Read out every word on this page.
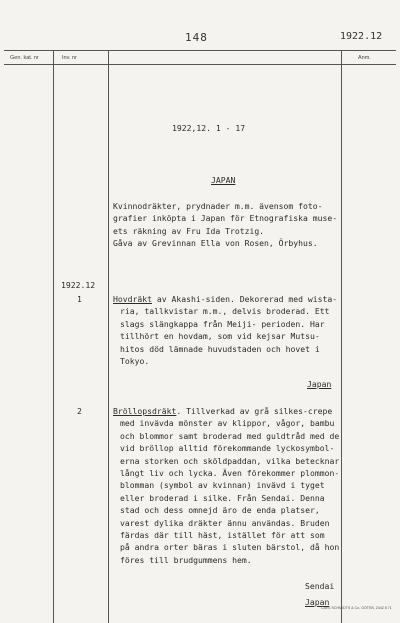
148	1922.12
Gen. kat. nr	Inv. nr	Anm.
1922,12. 1 - 17
JAPAN
Kvinnodräkter, prydnader m.m. ävensom foto-
grafier inköpta i Japan för Etnografiska muse-
ets räkning av Fru Ida Trotzig.
Gåva av Grevinnan Ella von Rosen, Örbyhus.
1922.12
1	Hovdräkt av Akashi-siden. Dekorerad med wista-
ria, tallkvistar m.m., delvis broderad. Ett
slags slängkappa från Meiji- perioden. Har
tillhört en hovdam, som vid kejsar Mutsu-
hitos död lämnade huvudstaden och hovet i
Tokyo.
Japan
2	Bröllopsdräkt. Tillverkad av grå silkes-crepe
med invävda mönster av klippor, vågor, bambu
och blommor samt broderad med guldtråd med de
vid bröllop alltid förekommande lyckosymbol-
erna storken och sköldpaddan, vilka betecknar
långt liv och lycka. Även förekommer plommon-
blomman (symbol av kvinnan) invävd i tyget
eller broderad i silke. Från Sendai. Denna
stad och dess omnejd äro de enda platser,
varest dylika dräkter ännu användas. Bruden
färdas där till häst, istället för att som
på andra orter bäras i sluten bärstol, då hon
föres till brudgummens hem.
Sendai
Japan
CARL SCHMIDTS & Co. GÖTEB. 2442 8 71
